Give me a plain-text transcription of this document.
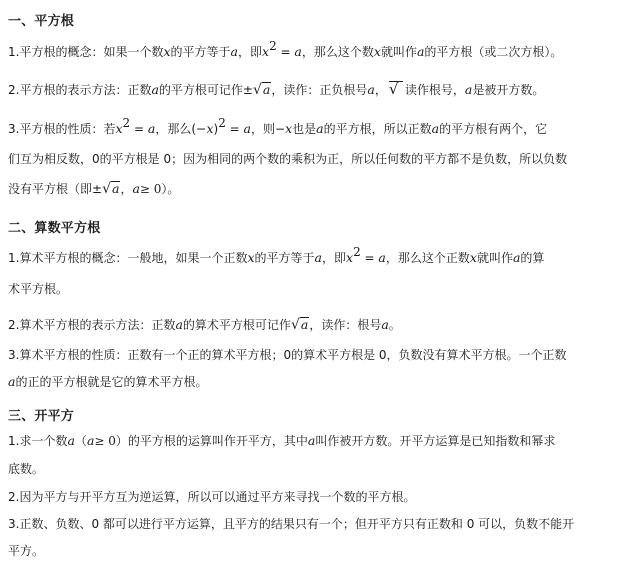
一、平方根
1.平方根的概念：如果一个数x的平方等于a，即$x^2 = a$，那么这个数x就叫作a的平方根（或二次方根）。
2.平方根的表示方法：正数a的平方根可记作±√a，读作：正负根号a， √ 读作根号，a是被开方数。
3.平方根的性质：若$x^2 = a$，那么$(-x)^2 = a$，则−x也是a的平方根，所以正数a的平方根有两个，它
们互为相反数，0的平方根是 0；因为相同的两个数的乘积为正，所以任何数的平方都不是负数，所以负数
没有平方根（即±√a，a≥ 0）。
二、算数平方根
1.算术平方根的概念：一般地，如果一个正数x的平方等于a，即$x^2 = a$，那么这个正数x就叫作a的算
术平方根。
2.算术平方根的表示方法：正数a的算术平方根可记作√a，读作：根号a。
3.算术平方根的性质：正数有一个正的算术平方根；0的算术平方根是 0，负数没有算术平方根。一个正数
a的正的平方根就是它的算术平方根。
三、开平方
1.求一个数a（a≥ 0）的平方根的运算叫作开平方，其中a叫作被开方数。开平方运算是已知指数和幂求
底数。
2.因为平方与开平方互为逆运算，所以可以通过平方来寻找一个数的平方根。
3.正数、负数、0 都可以进行平方运算，且平方的结果只有一个；但开平方只有正数和 0 可以，负数不能开
平方。
